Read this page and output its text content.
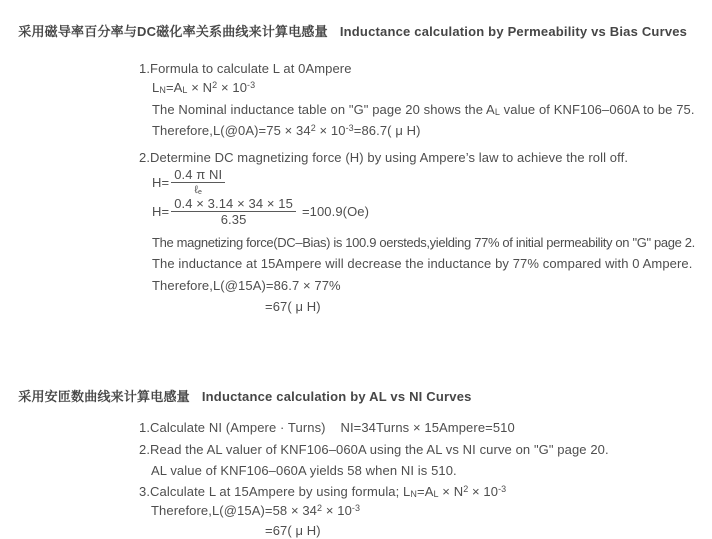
采用磁导率百分率与DC磁化率关系曲线来计算电感量 Inductance calculation by Permeability vs Bias Curves

1.Formula to calculate L at 0Ampere
$L_N=A_L \times N^2 \times 10^{-3}$
The Nominal inductance table on "G" page 20 shows the $A_L$ value of KNF106–060A to be 75.
Therefore,L(@0A)=75 × $34^2 \times 10^{-3}=86.7$( μ H)
2.Determine DC magnetizing force (H) by using Ampere’s law to achieve the roll off.
$H= \frac{\text{0.4 π NI}}{\ell_e}$
$H= \frac{0.4 \times 3.14 \times 34 \times 15}{6.35} =100.9(Oe)$
The magnetizing force(DC–Bias) is 100.9 oersteds,yielding 77% of initial permeability on "G" page 2.
The inductance at 15Ampere will decrease the inductance by 77% compared with 0 Ampere.
Therefore,L(@15A)=86.7 × 77%
=67( μ H)

采用安匝数曲线来计算电感量 Inductance calculation by AL vs NI Curves

1.Calculate NI (Ampere · Turns)    NI=34Turns × 15Ampere=510
2.Read the AL valuer of KNF106–060A using the AL vs NI curve on "G" page 20.
AL value of KNF106–060A yields 58 when NI is 510.
3.Calculate L at 15Ampere by using formula; $L_N=A_L \times N^2 \times 10^{-3}$
Therefore,L(@15A)=58 × $34^2 \times 10^{-3}$
=67( μ H)
